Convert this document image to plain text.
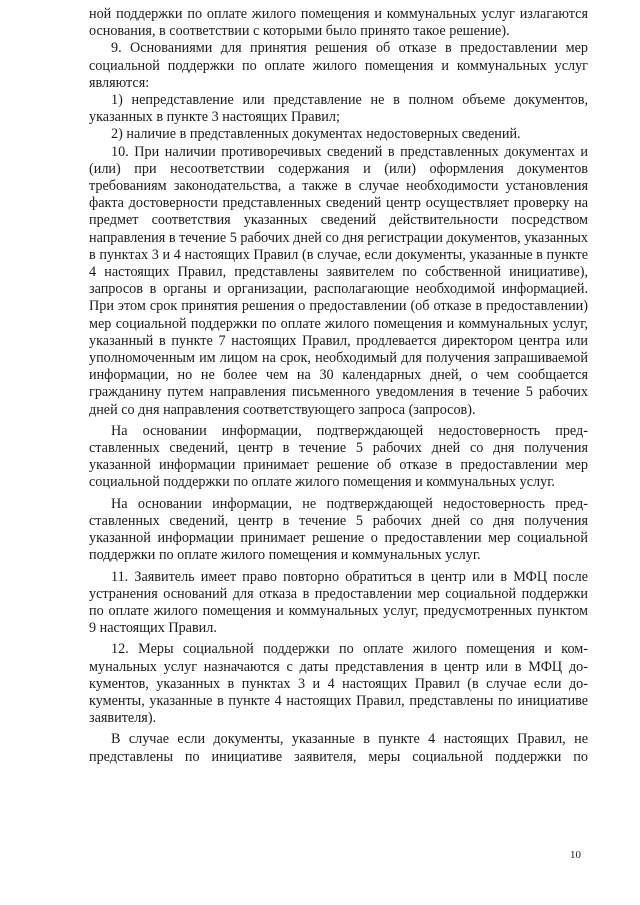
ной поддержки по оплате жилого помещения и коммунальных услуг излагаются основания, в соответствии с которыми было принято такое решение).

9. Основаниями для принятия решения об отказе в предоставлении мер социальной поддержки по оплате жилого помещения и коммунальных услуг являются:

1) непредставление или представление не в полном объеме документов, указанных в пункте 3 настоящих Правил;

2) наличие в представленных документах недостоверных сведений.

10. При наличии противоречивых сведений в представленных документах и (или) при несоответствии содержания и (или) оформления документов требованиям законодательства, а также в случае необходимости установления факта достоверности представленных сведений центр осуществляет проверку на предмет соответствия указанных сведений действительности посредством направления в течение 5 рабочих дней со дня регистрации документов, указанных в пунктах 3 и 4 настоящих Правил (в случае, если документы, указанные в пункте 4 настоящих Правил, представлены заявителем по собственной инициативе), запросов в органы и организации, располагающие необходимой информацией. При этом срок принятия решения о предоставлении (об отказе в предоставлении) мер социальной поддержки по оплате жилого помещения и коммунальных услуг, указанный в пункте 7 настоящих Правил, продлевается директором центра или уполномоченным им лицом на срок, необходимый для получения запрашиваемой информации, но не более чем на 30 календарных дней, о чем сообщается гражданину путем направления письменного уведомления в течение 5 рабочих дней со дня направления соответствующего запроса (запросов).

На основании информации, подтверждающей недостоверность представленных сведений, центр в течение 5 рабочих дней со дня получения указанной информации принимает решение об отказе в предоставлении мер социальной поддержки по оплате жилого помещения и коммунальных услуг.

На основании информации, не подтверждающей недостоверность представленных сведений, центр в течение 5 рабочих дней со дня получения указанной информации принимает решение о предоставлении мер социальной поддержки по оплате жилого помещения и коммунальных услуг.

11. Заявитель имеет право повторно обратиться в центр или в МФЦ после устранения оснований для отказа в предоставлении мер социальной поддержки по оплате жилого помещения и коммунальных услуг, предусмотренных пунктом 9 настоящих Правил.

12. Меры социальной поддержки по оплате жилого помещения и коммунальных услуг назначаются с даты представления в центр или в МФЦ документов, указанных в пунктах 3 и 4 настоящих Правил (в случае если документы, указанные в пункте 4 настоящих Правил, представлены по инициативе заявителя).

В случае если документы, указанные в пункте 4 настоящих Правил, не представлены по инициативе заявителя, меры социальной поддержки по

10
